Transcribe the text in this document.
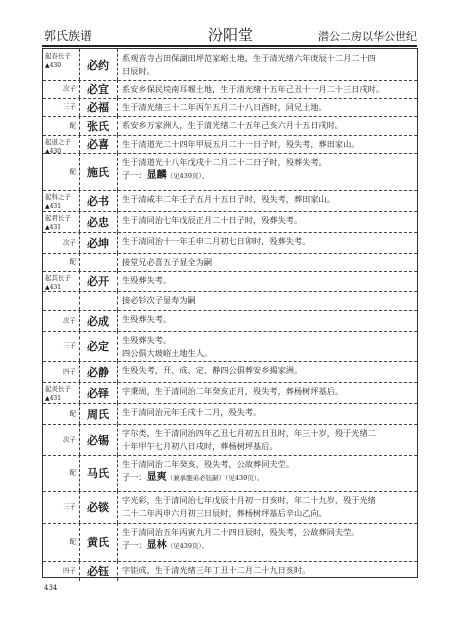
郭氏族谱	汾阳堂	潜公二房以华公世纪
起春长子
▲430	必约
系观音寺占田保湖田坪范家峪土地，生于清光绪六年庚辰十二月二十四
日辰时。
次子	必宜	系安乡保民垸南耳堰土地，生于清光绪十五年己丑十一月二十三日戌时。
三子	必福	生于清光绪三十二年丙午五月二十八日酉时，同兄土地。
配	张氏	系安乡万家洲人，生于清光绪二十五年己亥六月十五日戌时。
起道之子
▲430
必喜	生于清道光二十四年甲辰五月二十一日子时，殁失考，葬田家山。
配	施氏
生于清道光十八年戊戌十二月二十二日子时，殁葬失考。
子一：显麟（见439页）。
起科之子
▲431	必书	生于清咸丰二年壬子五月十五日子时，殁失考，葬田家山。
起君长子
▲431	必忠	生于清同治七年戊辰正月二十日子时，殁葬失考。
次子	必坤	生于清同治十一年壬申二月初七日卯时，殁葬失考。
配	接堂兄必喜五子显全为嗣
起其长子
▲431	必开	生殁葬失考。
接必钐次子显寿为嗣
次子	必成	生殁葬失考。
三子	必定	生殁葬失考。
四公俱大坡峪土地生人。
四子	必静	生殁失考，开、成、定、静四公俱葬安乡揭家洲。
起炎长子
▲431	必铎	字秉周，生于清同治二年癸亥正月，殁失考，葬杨树坪基后。
配	周氏	生于清同治元年壬戌十二月，殁失考。
次子	必锡
字尔类，生于清同治四年乙丑七月初五日丑时，年三十岁，殁于光绪二
十年甲午七月初八日戌时，葬杨树坪基后。
配	马氏
生于清同治二年癸亥，殁失考，公故葬同夫茔。
子一：显爽（兼承胞弟必钰嗣）（见439页）。
三子	必锬
字光彩，生于清同治七年戊辰十月初一日亥时，年二十九岁，殁于光绪
二十二年丙申六月初三日辰时，葬杨树坪基后辛山乙向。
配	黄氏
生于清同治五年丙寅九月二十四日辰时，殁失考，公故葬同夫茔。
子一：显林（见439页）。
四子	必钰	字钜成，生于清光绪三年丁丑十二月二十九日亥时。
434
